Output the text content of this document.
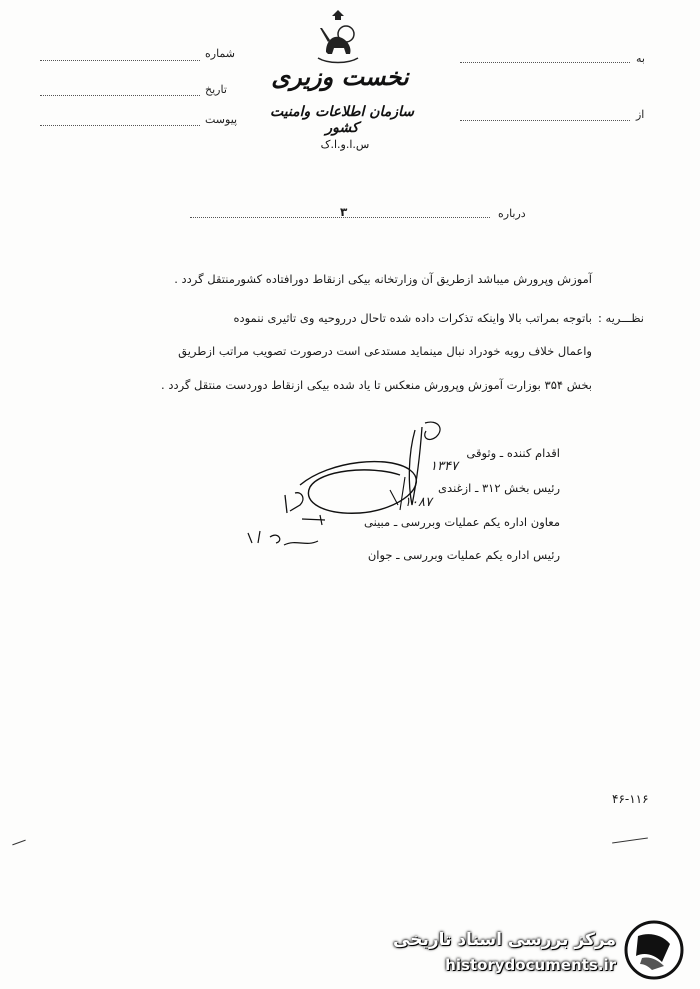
شماره
تاریخ
پیوست
به
از
نخست وزیری
سازمان اطلاعات وامنیت کشور
س.ا.و.ا.ک
درباره
۳
آموزش وپرورش میباشد ازطریق آن وزارتخانه بیکی ازنقاط دورافتاده کشورمنتقل گردد .
نظـــریه :
باتوجه بمراتب بالا واینکه تذکرات داده شده تاحال درروحیه وی تاثیری ننموده
واعمال خلاف رویه خودراد نبال مینماید مستدعی است درصورت تصویب مراتب ازطریق
بخش ۳۵۴ بوزارت آموزش وپرورش منعکس تا یاد شده بیکی ازنقاط دوردست منتقل گردد .
اقدام کننده ـ وثوقی
رئیس بخش ۳۱۲ ـ ازغندی
معاون اداره یکم عملیات وبررسی ـ مبینی
رئیس اداره یکم عملیات وبررسی ـ جوان
۱۳۴۷
۱۰۸۷
۴۶-۱۱۶
مرکز بررسی اسناد تاریخی
historydocuments.ir
